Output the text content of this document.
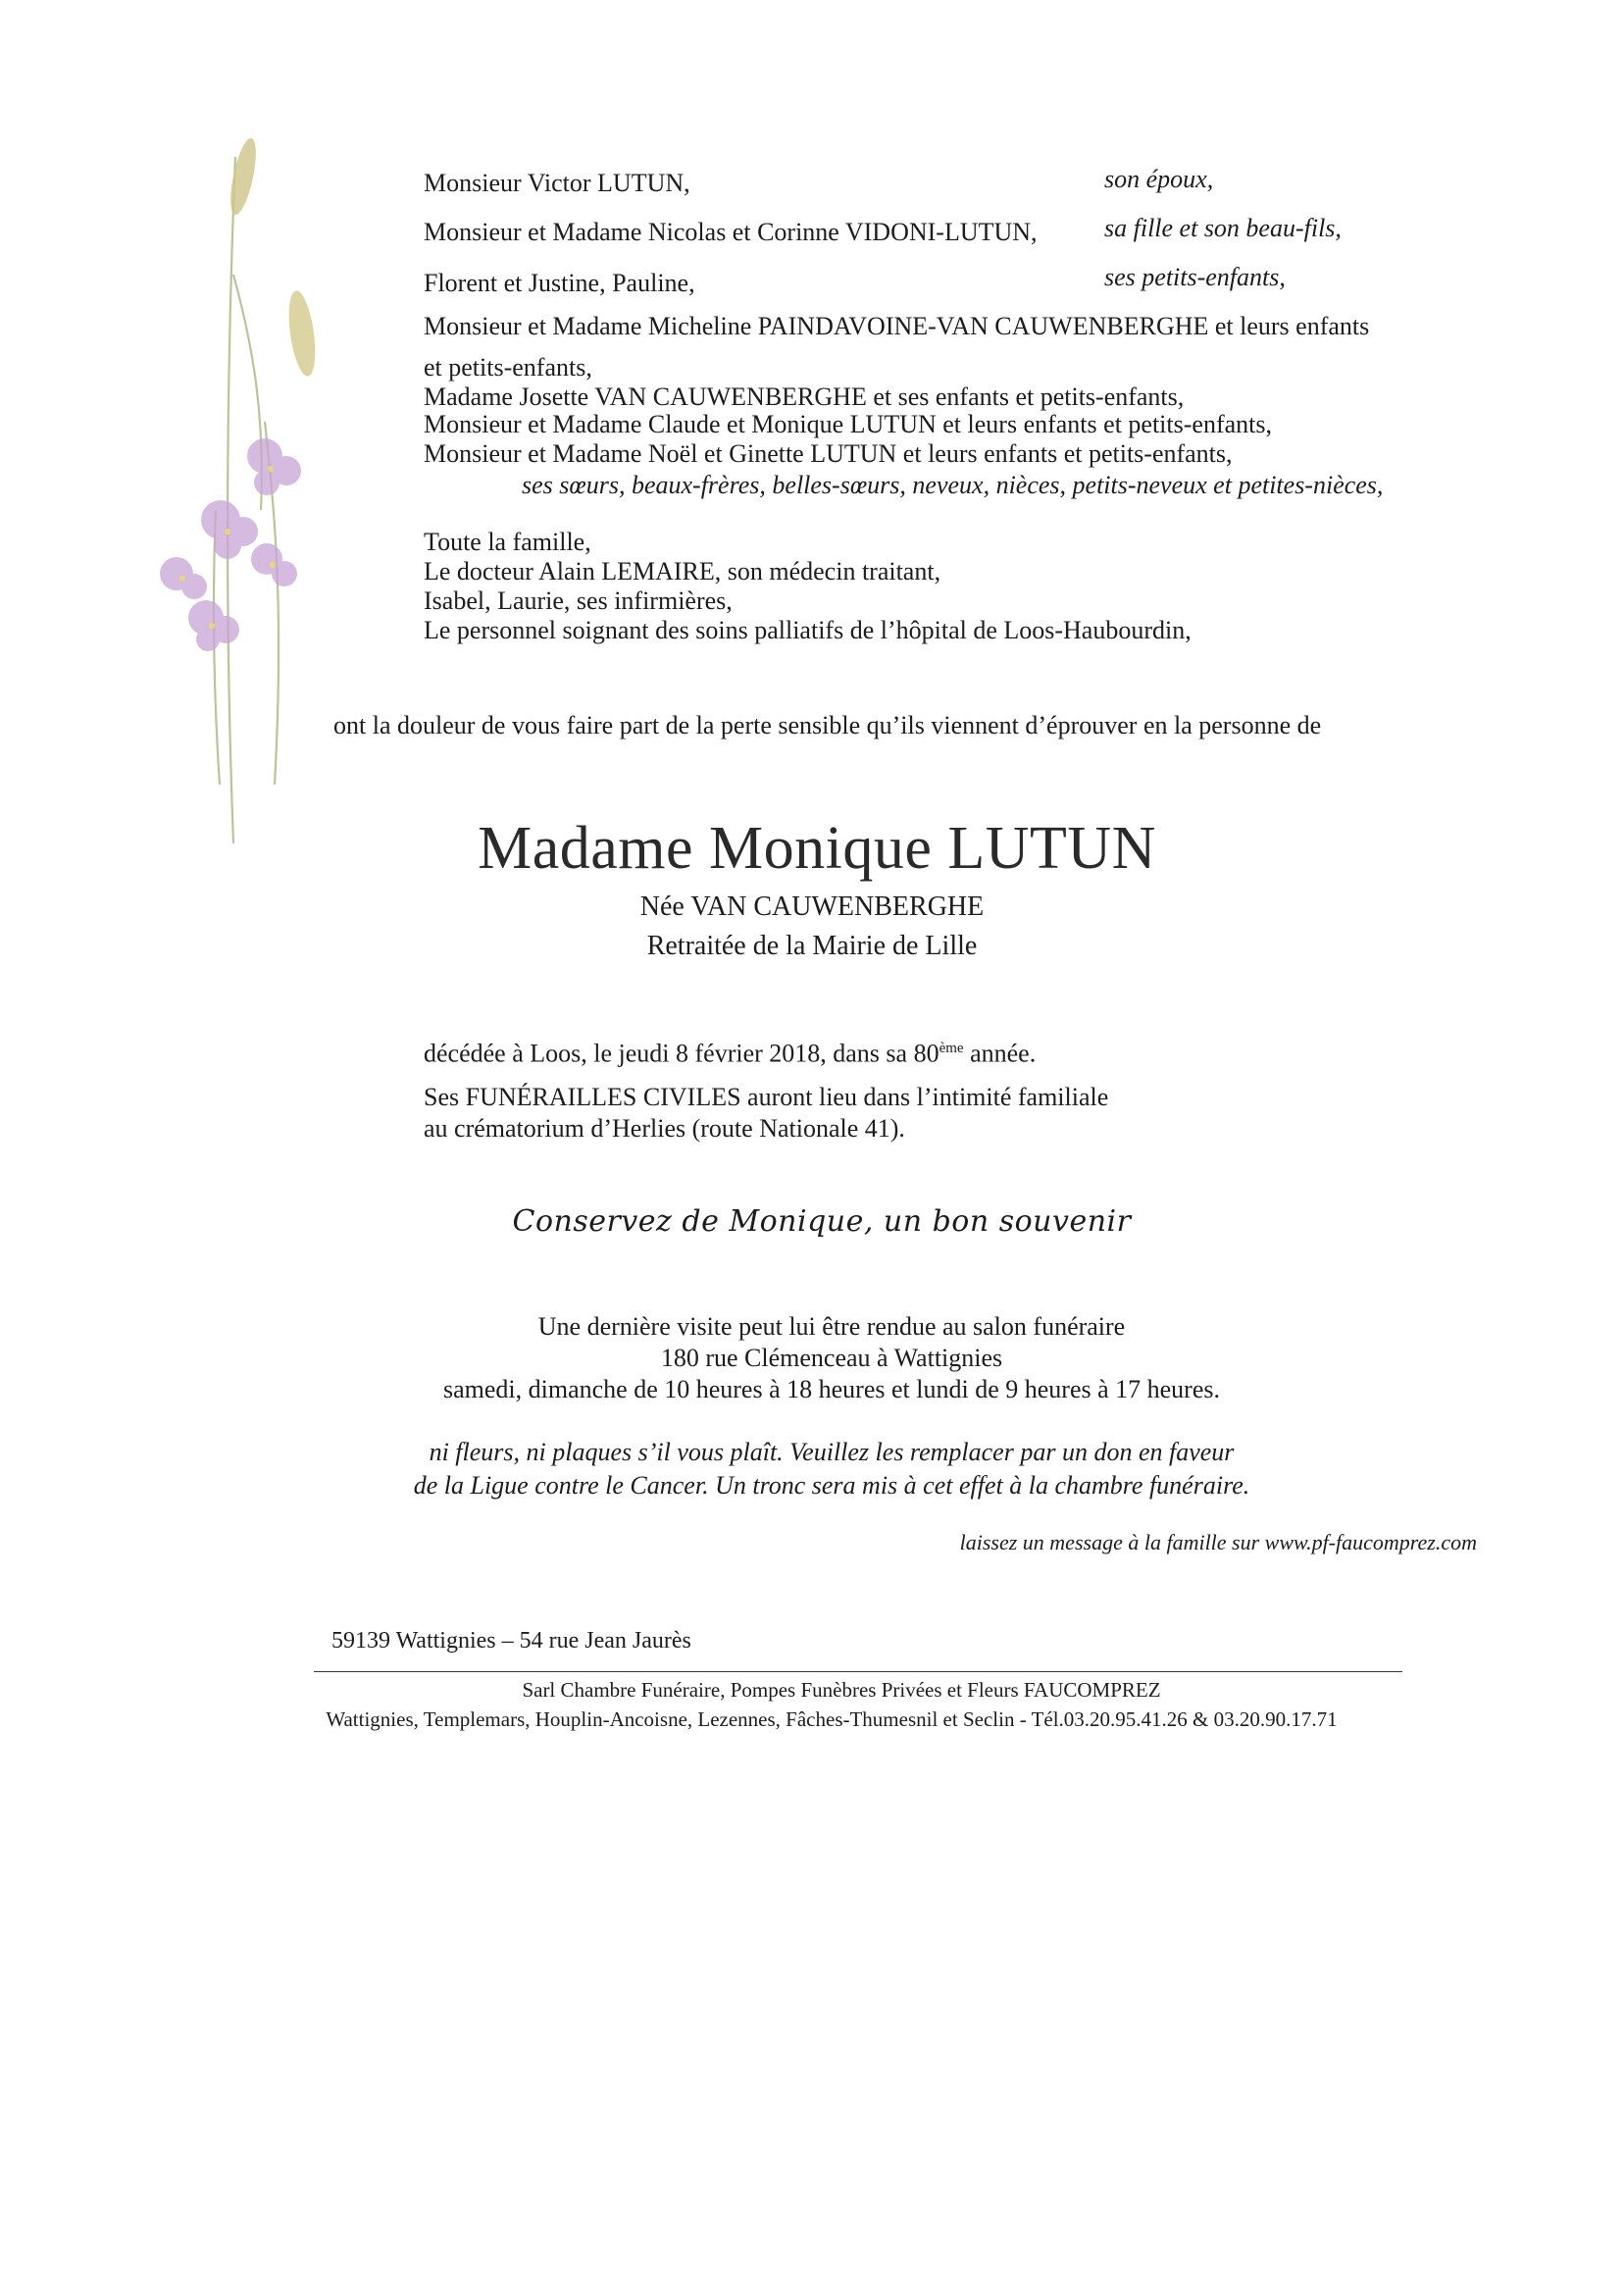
Monsieur Victor LUTUN,	son époux,
Monsieur et Madame Nicolas et Corinne VIDONI-LUTUN,	sa fille et son beau-fils,
Florent et Justine, Pauline,	ses petits-enfants,
Monsieur et Madame Micheline PAINDAVOINE-VAN CAUWENBERGHE et leurs enfants
et petits-enfants,
Madame Josette VAN CAUWENBERGHE et ses enfants et petits-enfants,
Monsieur et Madame Claude et Monique LUTUN et leurs enfants et petits-enfants,
Monsieur et Madame Noël et Ginette LUTUN et leurs enfants et petits-enfants,
ses sœurs, beaux-frères, belles-sœurs, neveux, nièces, petits-neveux et petites-nièces,
Toute la famille,
Le docteur Alain LEMAIRE, son médecin traitant,
Isabel, Laurie, ses infirmières,
Le personnel soignant des soins palliatifs de l’hôpital de Loos-Haubourdin,
ont la douleur de vous faire part de la perte sensible qu’ils viennent d’éprouver en la personne de
Madame Monique LUTUN
Née VAN CAUWENBERGHE
Retraitée de la Mairie de Lille
décédée à Loos, le jeudi 8 février 2018, dans sa 80ème année.
Ses FUNÉRAILLES CIVILES auront lieu dans l’intimité familiale
au crématorium d’Herlies (route Nationale 41).
Conservez de Monique, un bon souvenir
Une dernière visite peut lui être rendue au salon funéraire
180 rue Clémenceau à Wattignies
samedi, dimanche de 10 heures à 18 heures et lundi de 9 heures à 17 heures.
ni fleurs, ni plaques s’il vous plaît. Veuillez les remplacer par un don en faveur
de la Ligue contre le Cancer. Un tronc sera mis à cet effet à la chambre funéraire.
laissez un message à la famille sur www.pf-faucomprez.com
59139 Wattignies – 54 rue Jean Jaurès
Sarl Chambre Funéraire, Pompes Funèbres Privées et Fleurs FAUCOMPREZ
Wattignies, Templemars, Houplin-Ancoisne, Lezennes, Fâches-Thumesnil et Seclin - Tél.03.20.95.41.26 & 03.20.90.17.71
